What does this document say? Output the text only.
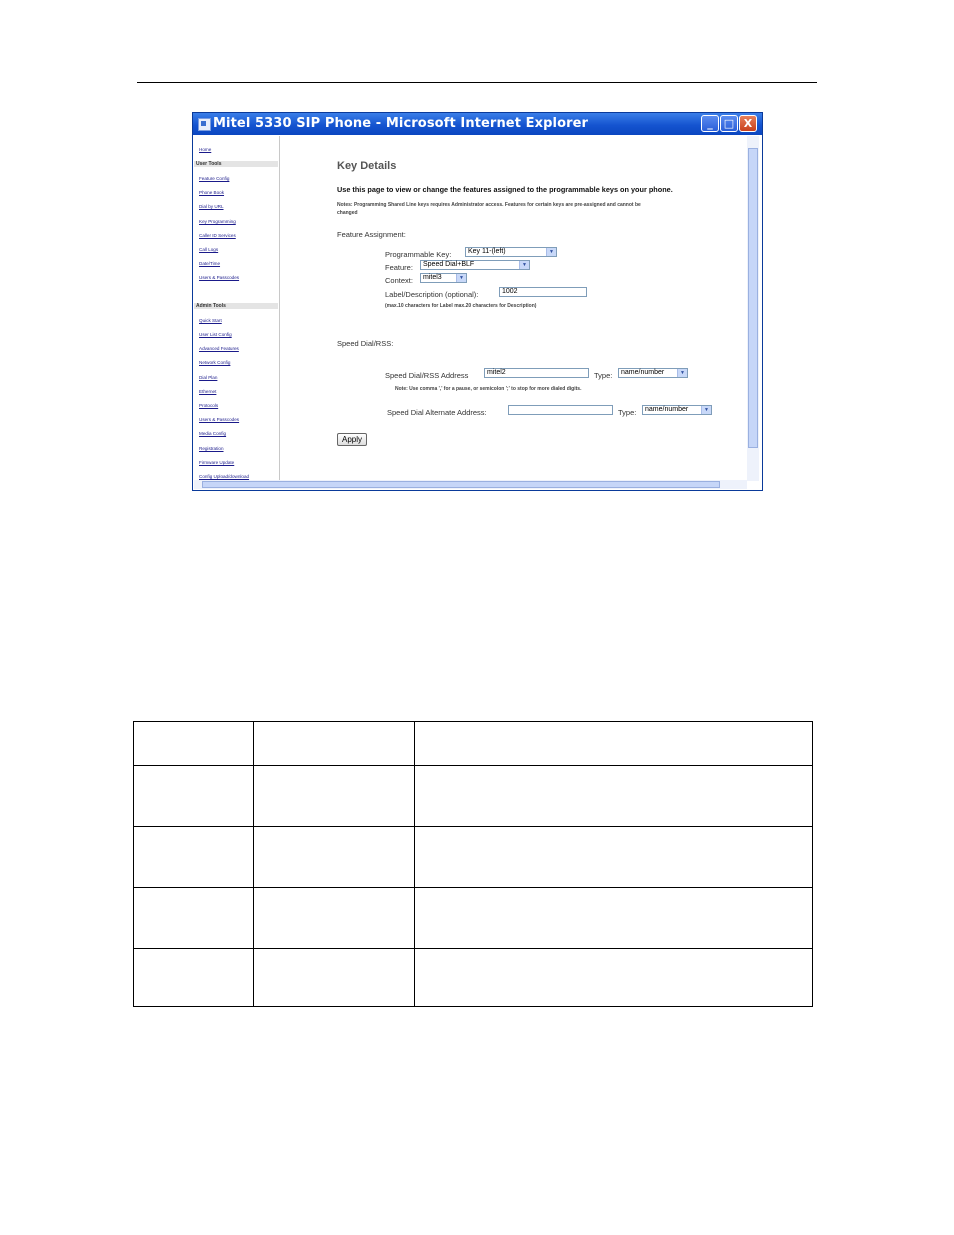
Mitel 5330 SIP Phone - Microsoft Internet Explorer	_	□ X
Home
User Tools
Feature Config
Phone Book
Dial by URL
Key Programming
Caller ID Services
Call Logs
Date/Time
Users & Passcodes
Admin Tools
Quick Start
User List Config
Advanced Features
Network Config
Dial Plan
Ethernet
Protocols
Users & Passcodes
Media Config
Registration
Firmware Update
Config Upload/download
Key Details
Use this page to view or change the features assigned to the programmable keys on your phone.
Notes: Programming Shared Line keys requires Administrator access. Features for certain keys are pre-assigned and cannot be
changed
Feature Assignment:
Programmable Key:	Key 11-(left)	▼
Feature:	Speed Dial+BLF	▼
Context:	mitel3	▼
Label/Description (optional):	1002
(max.10 characters for Label max.20 characters for Description)
Speed Dial/RSS:
Speed Dial/RSS Address	mitel2	Type:	name/number	▼
Note: Use comma ',' for a pause, or semicolon ';' to stop for more dialed digits.
Speed Dial Alternate Address:	Type:	name/number	▼
Apply
